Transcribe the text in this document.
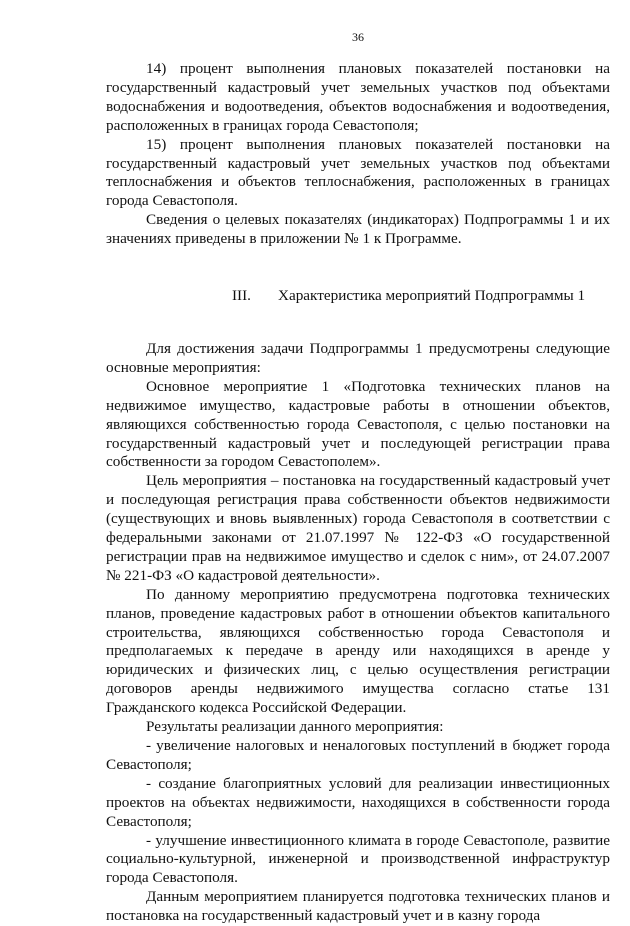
36

14) процент выполнения плановых показателей постановки на государственный кадастровый учет земельных участков под объектами водоснабжения и водоотведения, объектов водоснабжения и водоотведения, расположенных в границах города Севастополя;

15) процент выполнения плановых показателей постановки на государственный кадастровый учет земельных участков под объектами теплоснабжения и объектов теплоснабжения, расположенных в границах города Севастополя.

Сведения о целевых показателях (индикаторах) Подпрограммы 1 и их значениях приведены в приложении № 1 к Программе.

III. Характеристика мероприятий Подпрограммы 1

Для достижения задачи Подпрограммы 1 предусмотрены следующие основные мероприятия:

Основное мероприятие 1 «Подготовка технических планов на недвижимое имущество, кадастровые работы в отношении объектов, являющихся собственностью города Севастополя, с целью постановки на государственный кадастровый учет и последующей регистрации права собственности за городом Севастополем».

Цель мероприятия – постановка на государственный кадастровый учет и последующая регистрация права собственности объектов недвижимости (существующих и вновь выявленных) города Севастополя в соответствии с федеральными законами от 21.07.1997 № 122-ФЗ «О государственной регистрации прав на недвижимое имущество и сделок с ним», от 24.07.2007 № 221-ФЗ «О кадастровой деятельности».

По данному мероприятию предусмотрена подготовка технических планов, проведение кадастровых работ в отношении объектов капитального строительства, являющихся собственностью города Севастополя и предполагаемых к передаче в аренду или находящихся в аренде у юридических и физических лиц, с целью осуществления регистрации договоров аренды недвижимого имущества согласно статье 131 Гражданского кодекса Российской Федерации.

Результаты реализации данного мероприятия:

- увеличение налоговых и неналоговых поступлений в бюджет города Севастополя;

- создание благоприятных условий для реализации инвестиционных проектов на объектах недвижимости, находящихся в собственности города Севастополя;

- улучшение инвестиционного климата в городе Севастополе, развитие социально-культурной, инженерной и производственной инфраструктур города Севастополя.

Данным мероприятием планируется подготовка технических планов и постановка на государственный кадастровый учет и в казну города
